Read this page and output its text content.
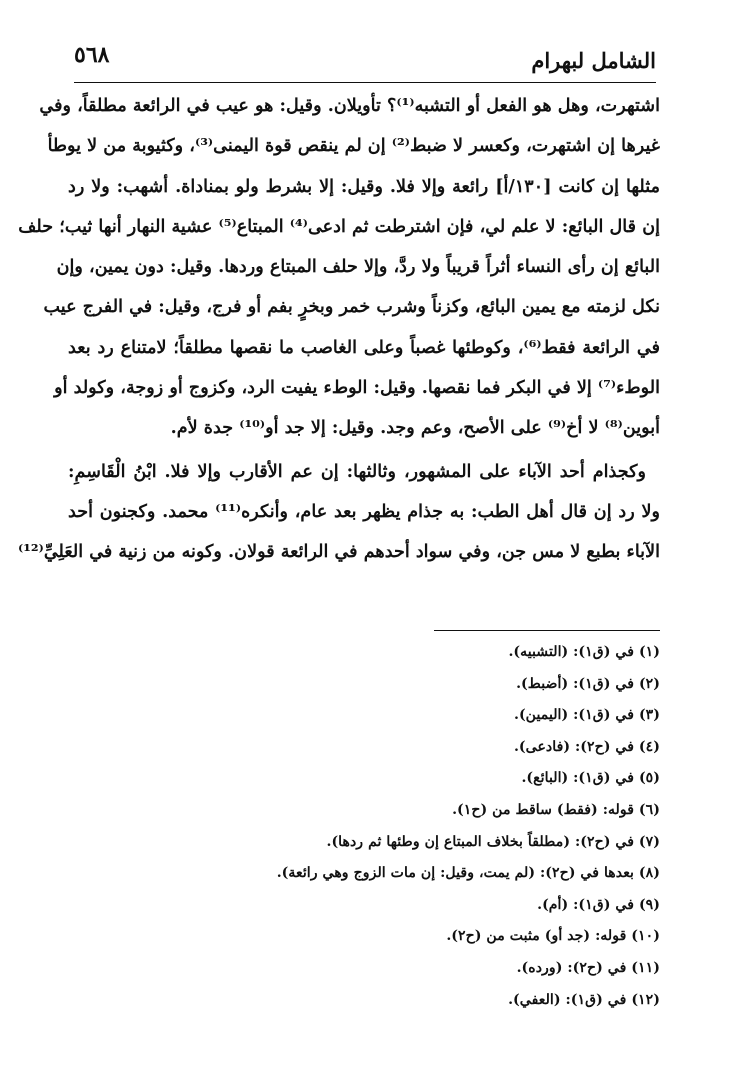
الشامل لبهرام
٥٦٨
اشتهرت، وهل هو الفعل أو التشبه⁽¹⁾؟ تأويلان. وقيل: هو عيب في الرائعة مطلقاً، وفي
غيرها إن اشتهرت، وكعسر لا ضبط⁽²⁾ إن لم ينقص قوة اليمنى⁽³⁾، وكثيوبة من لا يوطأ
مثلها إن كانت [١٣٠/أ] رائعة وإلا فلا. وقيل: إلا بشرط ولو بمناداة. أشهب: ولا رد
إن قال البائع: لا علم لي، فإن اشترطت ثم ادعى⁽⁴⁾ المبتاع⁽⁵⁾ عشية النهار أنها ثيب؛ حلف
البائع إن رأى النساء أثراً قريباً ولا ردَّ، وإلا حلف المبتاع وردها. وقيل: دون يمين، وإن
نكل لزمته مع يمين البائع، وكزناً وشرب خمر وبخرٍ بفم أو فرج، وقيل: في الفرج عيب
في الرائعة فقط⁽⁶⁾، وكوطئها غصباً وعلى الغاصب ما نقصها مطلقاً؛ لامتناع رد بعد
الوطء⁽⁷⁾ إلا في البكر فما نقصها. وقيل: الوطء يفيت الرد، وكزوج أو زوجة، وكولد أو
أبوين⁽⁸⁾ لا أخ⁽⁹⁾ على الأصح، وعم وجد. وقيل: إلا جد أو⁽¹⁰⁾ جدة لأم.
وكجذام أحد الآباء على المشهور، وثالثها: إن عم الأقارب وإلا فلا. ابْنُ الْقَاسِمِ:
ولا رد إن قال أهل الطب: به جذام يظهر بعد عام، وأنكره⁽¹¹⁾ محمد. وكجنون أحد
الآباء بطبع لا مس جن، وفي سواد أحدهم في الرائعة قولان. وكونه من زنية في العَلِيِّ⁽¹²⁾
(١) في (ق١): (التشبيه).
(٢) في (ق١): (أضبط).
(٣) في (ق١): (اليمين).
(٤) في (ح٢): (فادعى).
(٥) في (ق١): (البائع).
(٦) قوله: (فقط) ساقط من (ح١).
(٧) في (ح٢): (مطلقاً بخلاف المبتاع إن وطئها ثم ردها).
(٨) بعدها في (ح٢): (لم يمت، وقيل: إن مات الزوج وهي رائعة).
(٩) في (ق١): (أم).
(١٠) قوله: (جد أو) مثبت من (ح٢).
(١١) في (ح٢): (ورده).
(١٢) في (ق١): (العفي).
